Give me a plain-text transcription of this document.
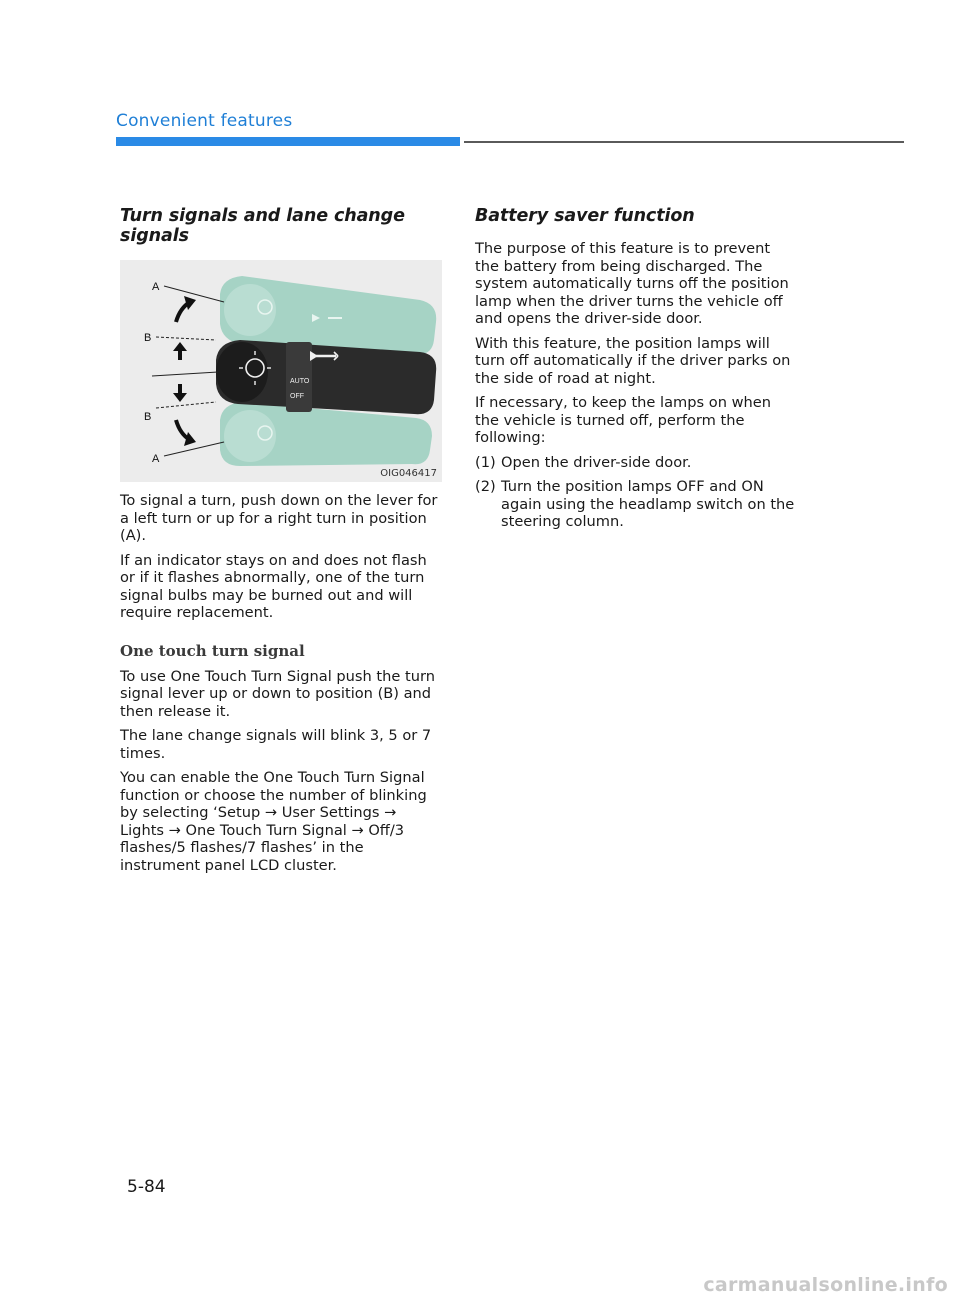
Convenient features
Turn signals and lane change signals
AUTO
OFF
A
B
B
A
OIG046417

To signal a turn, push down on the lever for a left turn or up for a right turn in position (A).

If an indicator stays on and does not flash or if it flashes abnormally, one of the turn signal bulbs may be burned out and will require replacement.

One touch turn signal

To use One Touch Turn Signal push the turn signal lever up or down to position (B) and then release it.

The lane change signals will blink 3, 5 or 7 times.

You can enable the One Touch Turn Signal function or choose the number of blinking by selecting ‘Setup → User Settings → Lights → One Touch Turn Signal → Off/3 flashes/5 flashes/7 flashes’ in the instrument panel LCD cluster.

Battery saver function

The purpose of this feature is to prevent the battery from being discharged. The system automatically turns off the position lamp when the driver turns the vehicle off and opens the driver-side door.

With this feature, the position lamps will turn off automatically if the driver parks on the side of road at night.

If necessary, to keep the lamps on when the vehicle is turned off, perform the following:

(1) Open the driver-side door.
(2) Turn the position lamps OFF and ON again using the headlamp switch on the steering column.
5-84
carmanualsonline.info
